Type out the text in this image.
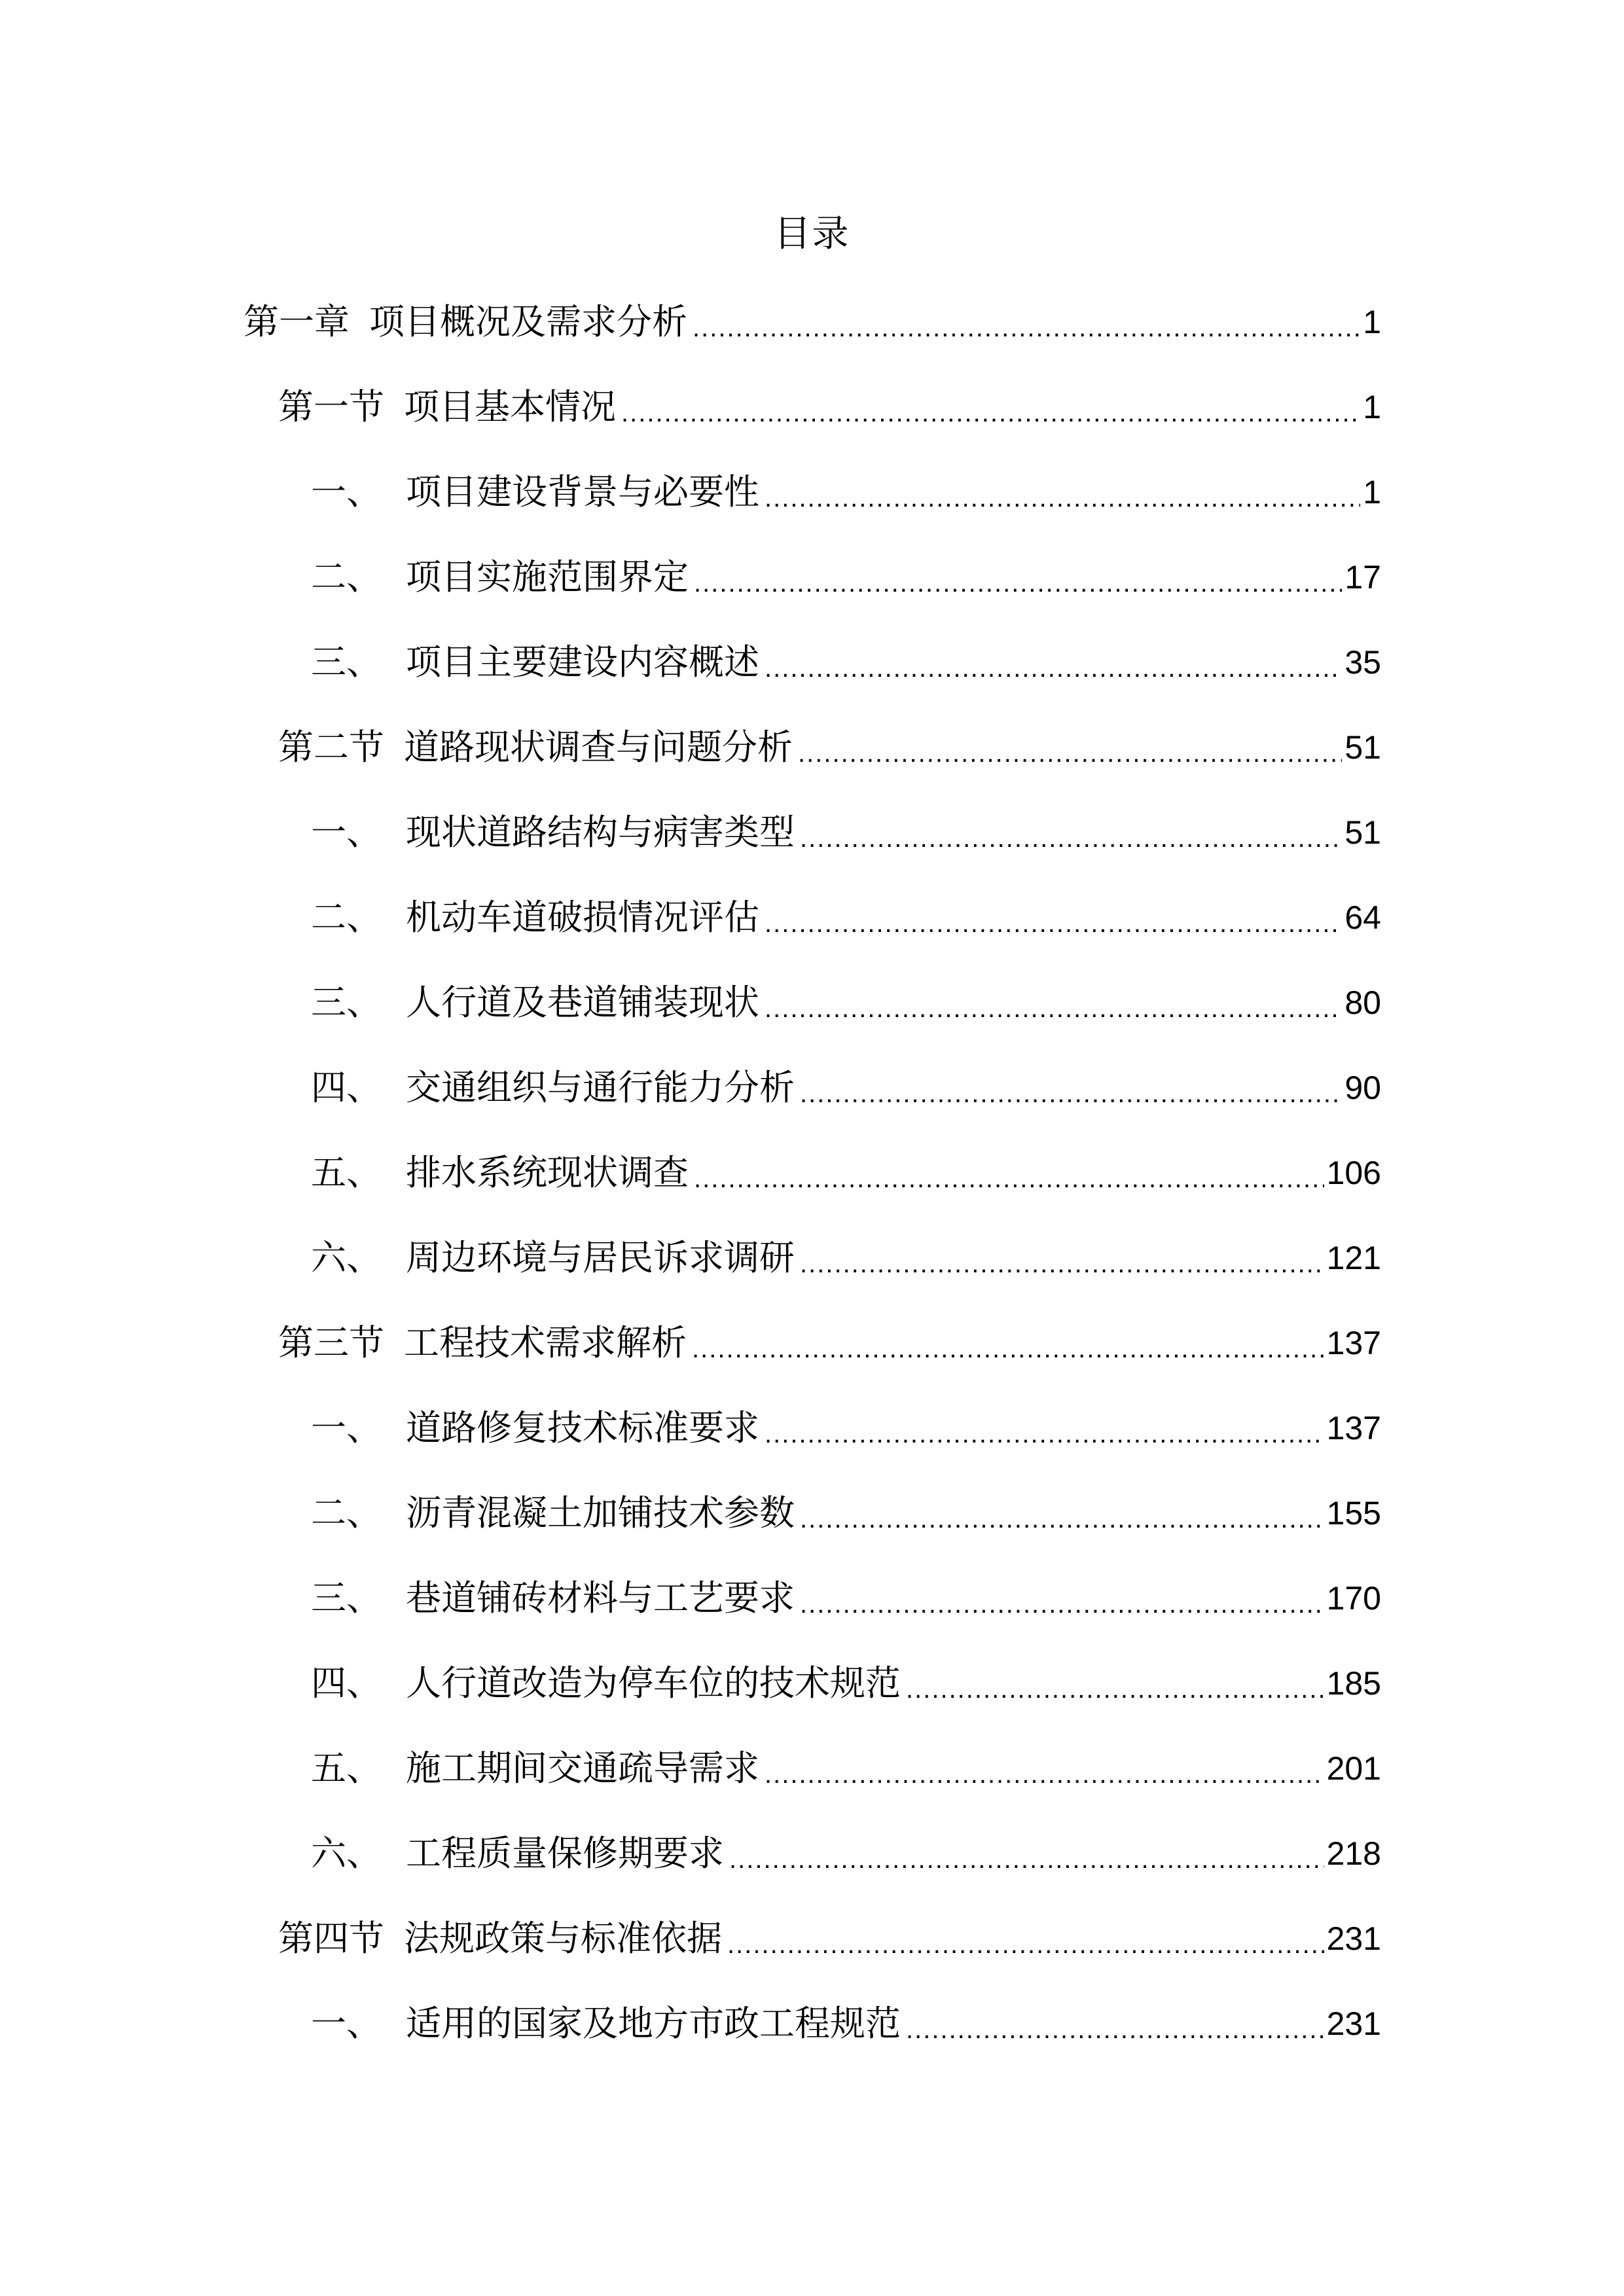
目录
第一章 项目概况及需求分析 .....	1
第一节 项目基本情况 .....	1
一、 项目建设背景与必要性 .....	1
二、 项目实施范围界定 .....	17
三、 项目主要建设内容概述 .....	35
第二节 道路现状调查与问题分析 .....	51
一、 现状道路结构与病害类型 .....	51
二、 机动车道破损情况评估 .....	64
三、 人行道及巷道铺装现状 .....	80
四、 交通组织与通行能力分析 .....	90
五、 排水系统现状调查 .....	106
六、 周边环境与居民诉求调研 .....	121
第三节 工程技术需求解析 .....	137
一、 道路修复技术标准要求 .....	137
二、 沥青混凝土加铺技术参数 .....	155
三、 巷道铺砖材料与工艺要求 .....	170
四、 人行道改造为停车位的技术规范 .....	185
五、 施工期间交通疏导需求 .....	201
六、 工程质量保修期要求 .....	218
第四节 法规政策与标准依据 .....	231
一、 适用的国家及地方市政工程规范 .....	231
